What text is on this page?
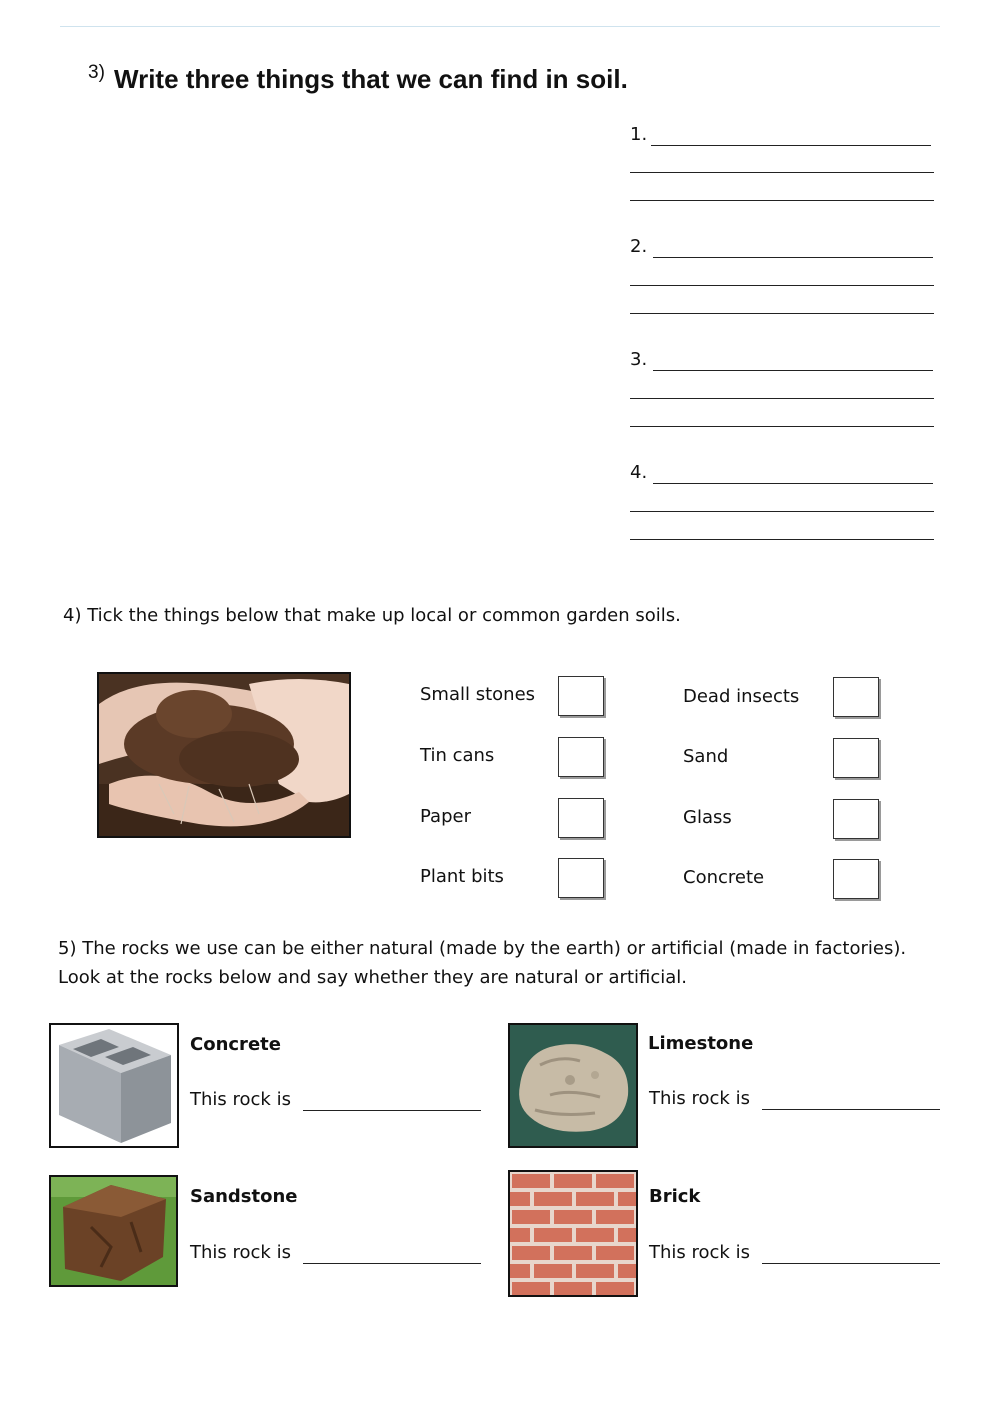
3) Write three things that we can find in soil.
1.
2.
3.
4.
4) Tick the things below that make up local or common garden soils.
Small stones
Tin cans
Paper
Plant bits
Dead insects
Sand
Glass
Concrete
5) The rocks we use can be either natural (made by the earth) or artificial (made in factories).
Look at the rocks below and say whether they are natural or artificial.
Concrete
This rock is
Limestone
This rock is
Sandstone
This rock is
Brick
This rock is
